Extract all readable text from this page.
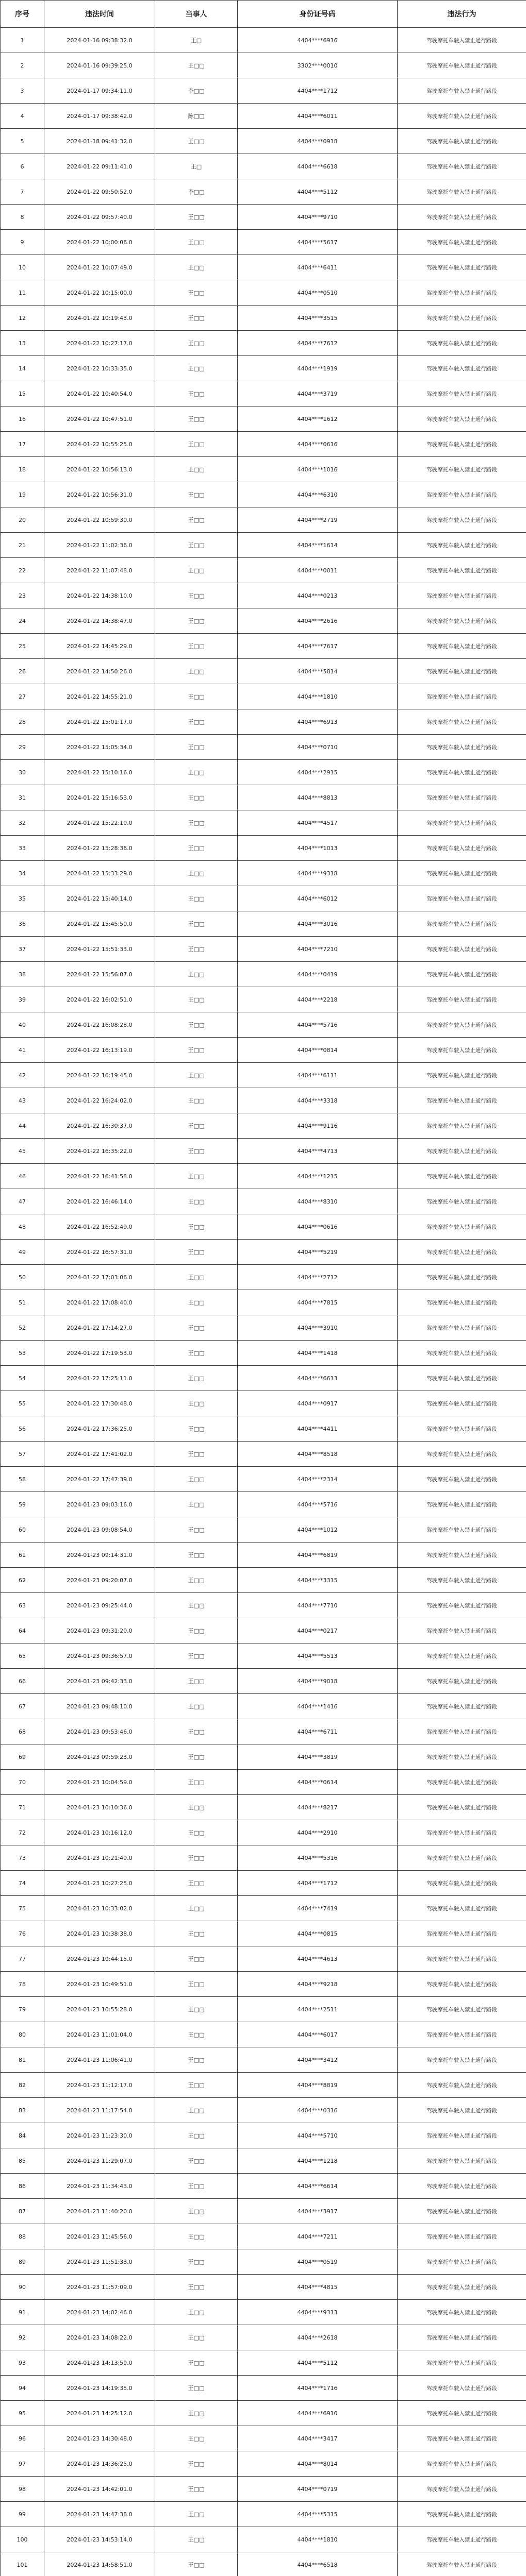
序号	违法时间	当事人	身份证号码	违法行为
1	2024-01-16 09:38:32.0	王□	4404****6916	驾驶摩托车驶入禁止通行路段
2	2024-01-16 09:39:25.0	王□□	3302****0010	驾驶摩托车驶入禁止通行路段
3	2024-01-17 09:34:11.0	李□□	4404****1712	驾驶摩托车驶入禁止通行路段
4	2024-01-17 09:38:42.0	陈□□	4404****6011	驾驶摩托车驶入禁止通行路段
5	2024-01-18 09:41:32.0	王□□	4404****0918	驾驶摩托车驶入禁止通行路段
6	2024-01-22 09:11:41.0	王□	4404****6618	驾驶摩托车驶入禁止通行路段
7	2024-01-22 09:50:52.0	李□□	4404****5112	驾驶摩托车驶入禁止通行路段
8	2024-01-22 09:57:40.0	王□□	4404****9710	驾驶摩托车驶入禁止通行路段
9	2024-01-22 10:00:06.0	王□□	4404****5617	驾驶摩托车驶入禁止通行路段
10	2024-01-22 10:07:49.0	王□□	4404****6411	驾驶摩托车驶入禁止通行路段
11	2024-01-22 10:15:00.0	王□□	4404****0510	驾驶摩托车驶入禁止通行路段
12	2024-01-22 10:19:43.0	王□□	4404****3515	驾驶摩托车驶入禁止通行路段
13	2024-01-22 10:27:17.0	王□□	4404****7612	驾驶摩托车驶入禁止通行路段
14	2024-01-22 10:33:35.0	王□□	4404****1919	驾驶摩托车驶入禁止通行路段
15	2024-01-22 10:40:54.0	王□□	4404****3719	驾驶摩托车驶入禁止通行路段
16	2024-01-22 10:47:51.0	王□□	4404****1612	驾驶摩托车驶入禁止通行路段
17	2024-01-22 10:55:25.0	王□□	4404****0616	驾驶摩托车驶入禁止通行路段
18	2024-01-22 10:56:13.0	王□□	4404****1016	驾驶摩托车驶入禁止通行路段
19	2024-01-22 10:56:31.0	王□□	4404****6310	驾驶摩托车驶入禁止通行路段
20	2024-01-22 10:59:30.0	王□□	4404****2719	驾驶摩托车驶入禁止通行路段
21	2024-01-22 11:02:36.0	王□□	4404****1614	驾驶摩托车驶入禁止通行路段
22	2024-01-22 11:07:48.0	王□□	4404****0011	驾驶摩托车驶入禁止通行路段
23	2024-01-22 14:38:10.0	王□□	4404****0213	驾驶摩托车驶入禁止通行路段
24	2024-01-22 14:38:47.0	王□□	4404****2616	驾驶摩托车驶入禁止通行路段
25	2024-01-22 14:45:29.0	王□□	4404****7617	驾驶摩托车驶入禁止通行路段
26	2024-01-22 14:50:26.0	王□□	4404****5814	驾驶摩托车驶入禁止通行路段
27	2024-01-22 14:55:21.0	王□□	4404****1810	驾驶摩托车驶入禁止通行路段
28	2024-01-22 15:01:17.0	王□□	4404****6913	驾驶摩托车驶入禁止通行路段
29	2024-01-22 15:05:34.0	王□□	4404****0710	驾驶摩托车驶入禁止通行路段
30	2024-01-22 15:10:16.0	王□□	4404****2915	驾驶摩托车驶入禁止通行路段
31	2024-01-22 15:16:53.0	王□□	4404****8813	驾驶摩托车驶入禁止通行路段
32	2024-01-22 15:22:10.0	王□□	4404****4517	驾驶摩托车驶入禁止通行路段
33	2024-01-22 15:28:36.0	王□□	4404****1013	驾驶摩托车驶入禁止通行路段
34	2024-01-22 15:33:29.0	王□□	4404****9318	驾驶摩托车驶入禁止通行路段
35	2024-01-22 15:40:14.0	王□□	4404****6012	驾驶摩托车驶入禁止通行路段
36	2024-01-22 15:45:50.0	王□□	4404****3016	驾驶摩托车驶入禁止通行路段
37	2024-01-22 15:51:33.0	王□□	4404****7210	驾驶摩托车驶入禁止通行路段
38	2024-01-22 15:56:07.0	王□□	4404****0419	驾驶摩托车驶入禁止通行路段
39	2024-01-22 16:02:51.0	王□□	4404****2218	驾驶摩托车驶入禁止通行路段
40	2024-01-22 16:08:28.0	王□□	4404****5716	驾驶摩托车驶入禁止通行路段
41	2024-01-22 16:13:19.0	王□□	4404****0814	驾驶摩托车驶入禁止通行路段
42	2024-01-22 16:19:45.0	王□□	4404****6111	驾驶摩托车驶入禁止通行路段
43	2024-01-22 16:24:02.0	王□□	4404****3318	驾驶摩托车驶入禁止通行路段
44	2024-01-22 16:30:37.0	王□□	4404****9116	驾驶摩托车驶入禁止通行路段
45	2024-01-22 16:35:22.0	王□□	4404****4713	驾驶摩托车驶入禁止通行路段
46	2024-01-22 16:41:58.0	王□□	4404****1215	驾驶摩托车驶入禁止通行路段
47	2024-01-22 16:46:14.0	王□□	4404****8310	驾驶摩托车驶入禁止通行路段
48	2024-01-22 16:52:49.0	王□□	4404****0616	驾驶摩托车驶入禁止通行路段
49	2024-01-22 16:57:31.0	王□□	4404****5219	驾驶摩托车驶入禁止通行路段
50	2024-01-22 17:03:06.0	王□□	4404****2712	驾驶摩托车驶入禁止通行路段
51	2024-01-22 17:08:40.0	王□□	4404****7815	驾驶摩托车驶入禁止通行路段
52	2024-01-22 17:14:27.0	王□□	4404****3910	驾驶摩托车驶入禁止通行路段
53	2024-01-22 17:19:53.0	王□□	4404****1418	驾驶摩托车驶入禁止通行路段
54	2024-01-22 17:25:11.0	王□□	4404****6613	驾驶摩托车驶入禁止通行路段
55	2024-01-22 17:30:48.0	王□□	4404****0917	驾驶摩托车驶入禁止通行路段
56	2024-01-22 17:36:25.0	王□□	4404****4411	驾驶摩托车驶入禁止通行路段
57	2024-01-22 17:41:02.0	王□□	4404****8518	驾驶摩托车驶入禁止通行路段
58	2024-01-22 17:47:39.0	王□□	4404****2314	驾驶摩托车驶入禁止通行路段
59	2024-01-23 09:03:16.0	王□□	4404****5716	驾驶摩托车驶入禁止通行路段
60	2024-01-23 09:08:54.0	王□□	4404****1012	驾驶摩托车驶入禁止通行路段
61	2024-01-23 09:14:31.0	王□□	4404****6819	驾驶摩托车驶入禁止通行路段
62	2024-01-23 09:20:07.0	王□□	4404****3315	驾驶摩托车驶入禁止通行路段
63	2024-01-23 09:25:44.0	王□□	4404****7710	驾驶摩托车驶入禁止通行路段
64	2024-01-23 09:31:20.0	王□□	4404****0217	驾驶摩托车驶入禁止通行路段
65	2024-01-23 09:36:57.0	王□□	4404****5513	驾驶摩托车驶入禁止通行路段
66	2024-01-23 09:42:33.0	王□□	4404****9018	驾驶摩托车驶入禁止通行路段
67	2024-01-23 09:48:10.0	王□□	4404****1416	驾驶摩托车驶入禁止通行路段
68	2024-01-23 09:53:46.0	王□□	4404****6711	驾驶摩托车驶入禁止通行路段
69	2024-01-23 09:59:23.0	王□□	4404****3819	驾驶摩托车驶入禁止通行路段
70	2024-01-23 10:04:59.0	王□□	4404****0614	驾驶摩托车驶入禁止通行路段
71	2024-01-23 10:10:36.0	王□□	4404****8217	驾驶摩托车驶入禁止通行路段
72	2024-01-23 10:16:12.0	王□□	4404****2910	驾驶摩托车驶入禁止通行路段
73	2024-01-23 10:21:49.0	王□□	4404****5316	驾驶摩托车驶入禁止通行路段
74	2024-01-23 10:27:25.0	王□□	4404****1712	驾驶摩托车驶入禁止通行路段
75	2024-01-23 10:33:02.0	王□□	4404****7419	驾驶摩托车驶入禁止通行路段
76	2024-01-23 10:38:38.0	王□□	4404****0815	驾驶摩托车驶入禁止通行路段
77	2024-01-23 10:44:15.0	王□□	4404****4613	驾驶摩托车驶入禁止通行路段
78	2024-01-23 10:49:51.0	王□□	4404****9218	驾驶摩托车驶入禁止通行路段
79	2024-01-23 10:55:28.0	王□□	4404****2511	驾驶摩托车驶入禁止通行路段
80	2024-01-23 11:01:04.0	王□□	4404****6017	驾驶摩托车驶入禁止通行路段
81	2024-01-23 11:06:41.0	王□□	4404****3412	驾驶摩托车驶入禁止通行路段
82	2024-01-23 11:12:17.0	王□□	4404****8819	驾驶摩托车驶入禁止通行路段
83	2024-01-23 11:17:54.0	王□□	4404****0316	驾驶摩托车驶入禁止通行路段
84	2024-01-23 11:23:30.0	王□□	4404****5710	驾驶摩托车驶入禁止通行路段
85	2024-01-23 11:29:07.0	王□□	4404****1218	驾驶摩托车驶入禁止通行路段
86	2024-01-23 11:34:43.0	王□□	4404****6614	驾驶摩托车驶入禁止通行路段
87	2024-01-23 11:40:20.0	王□□	4404****3917	驾驶摩托车驶入禁止通行路段
88	2024-01-23 11:45:56.0	王□□	4404****7211	驾驶摩托车驶入禁止通行路段
89	2024-01-23 11:51:33.0	王□□	4404****0519	驾驶摩托车驶入禁止通行路段
90	2024-01-23 11:57:09.0	王□□	4404****4815	驾驶摩托车驶入禁止通行路段
91	2024-01-23 14:02:46.0	王□□	4404****9313	驾驶摩托车驶入禁止通行路段
92	2024-01-23 14:08:22.0	王□□	4404****2618	驾驶摩托车驶入禁止通行路段
93	2024-01-23 14:13:59.0	王□□	4404****5112	驾驶摩托车驶入禁止通行路段
94	2024-01-23 14:19:35.0	王□□	4404****1716	驾驶摩托车驶入禁止通行路段
95	2024-01-23 14:25:12.0	王□□	4404****6910	驾驶摩托车驶入禁止通行路段
96	2024-01-23 14:30:48.0	王□□	4404****3417	驾驶摩托车驶入禁止通行路段
97	2024-01-23 14:36:25.0	王□□	4404****8014	驾驶摩托车驶入禁止通行路段
98	2024-01-23 14:42:01.0	王□□	4404****0719	驾驶摩托车驶入禁止通行路段
99	2024-01-23 14:47:38.0	王□□	4404****5315	驾驶摩托车驶入禁止通行路段
100	2024-01-23 14:53:14.0	王□□	4404****1810	驾驶摩托车驶入禁止通行路段
101	2024-01-23 14:58:51.0	王□□	4404****6518	驾驶摩托车驶入禁止通行路段
